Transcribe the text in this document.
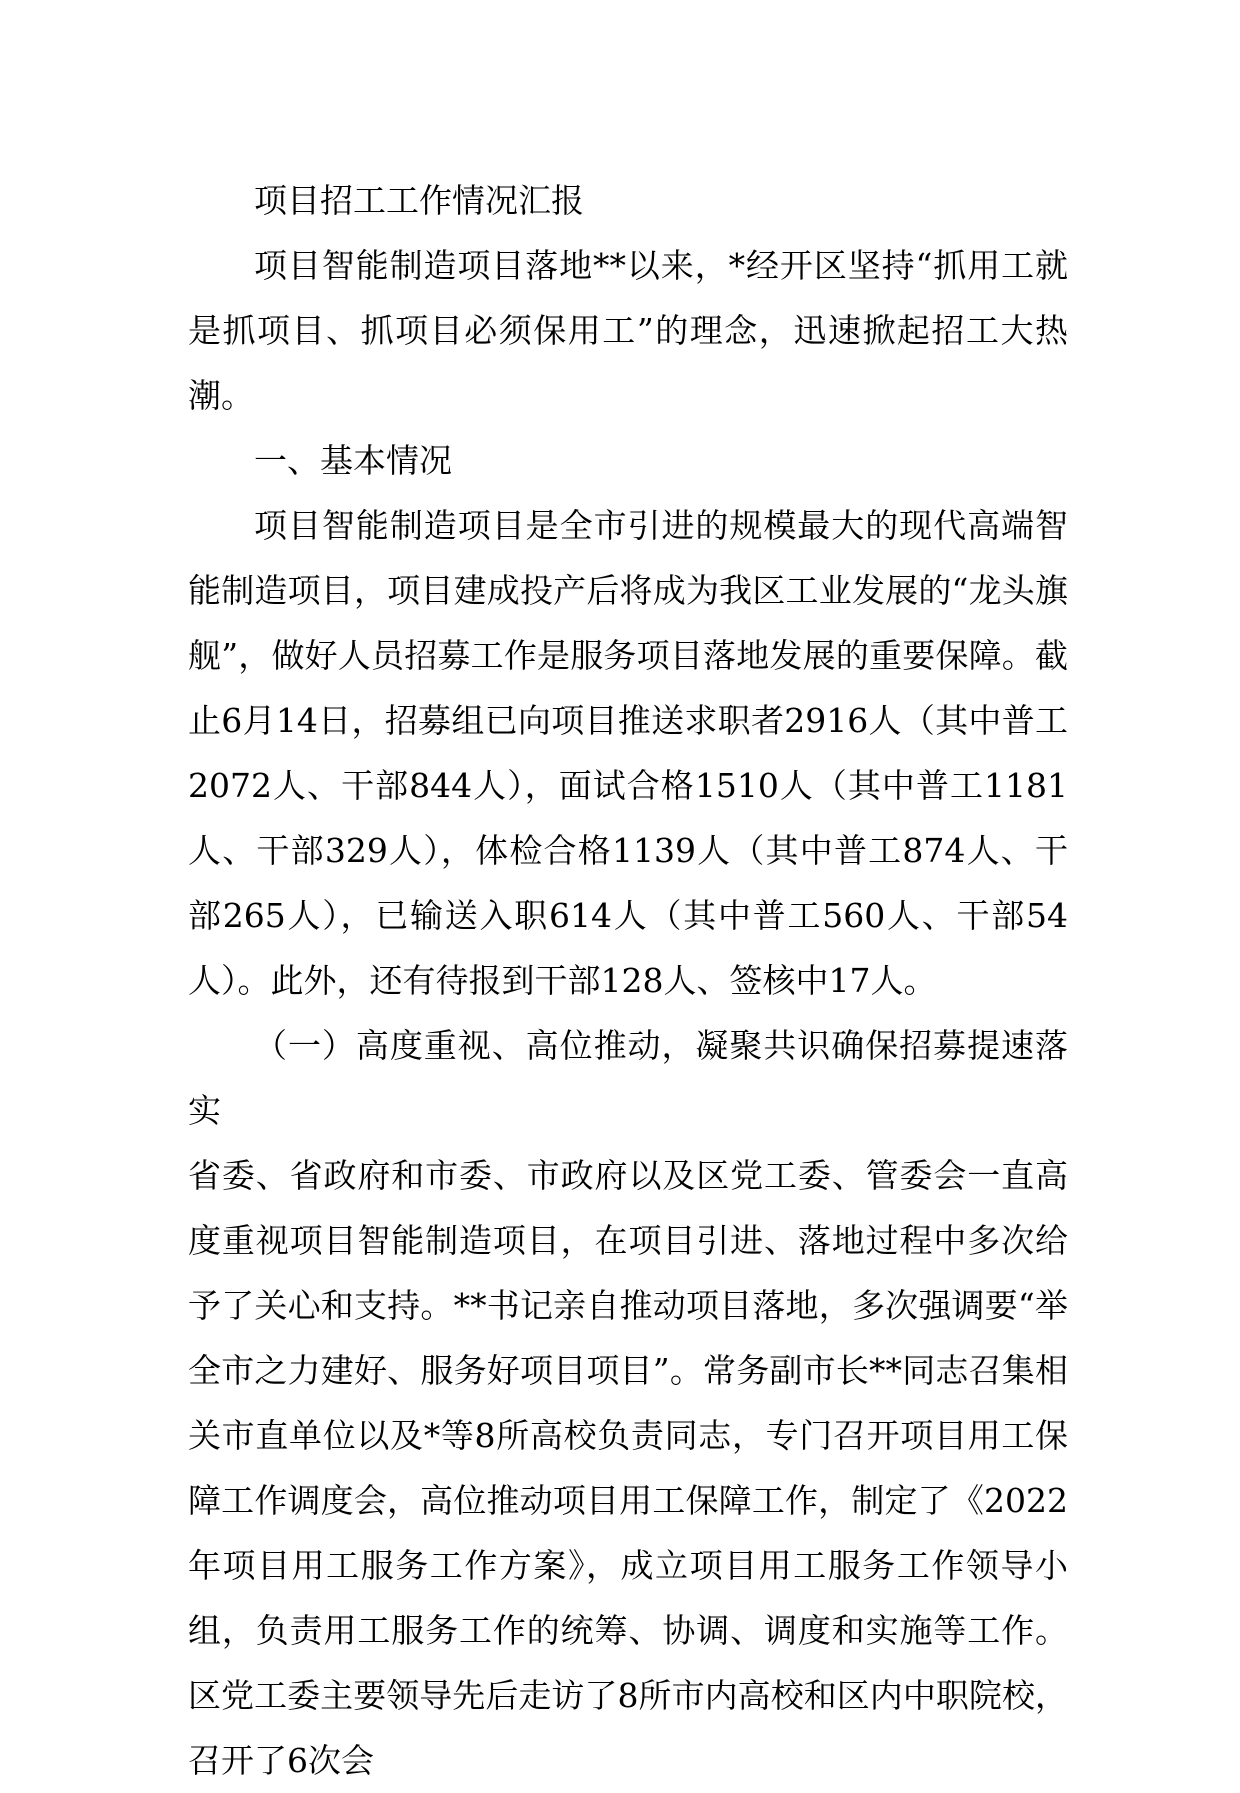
项目招工工作情况汇报

项目智能制造项目落地**以来，*经开区坚持“抓用工就是抓项目、抓项目必须保用工”的理念，迅速掀起招工大热潮。

一、基本情况

项目智能制造项目是全市引进的规模最大的现代高端智能制造项目，项目建成投产后将成为我区工业发展的“龙头旗舰”，做好人员招募工作是服务项目落地发展的重要保障。截止6月14日，招募组已向项目推送求职者2916人（其中普工2072人、干部844人），面试合格1510人（其中普工1181人、干部329人），体检合格1139人（其中普工874人、干部265人），已输送入职614人（其中普工560人、干部54人）。此外，还有待报到干部128人、签核中17人。

（一）高度重视、高位推动，凝聚共识确保招募提速落实

省委、省政府和市委、市政府以及区党工委、管委会一直高度重视项目智能制造项目，在项目引进、落地过程中多次给予了关心和支持。**书记亲自推动项目落地，多次强调要“举全市之力建好、服务好项目项目”。常务副市长**同志召集相关市直单位以及*等8所高校负责同志，专门召开项目用工保障工作调度会，高位推动项目用工保障工作，制定了《2022年项目用工服务工作方案》，成立项目用工服务工作领导小组，负责用工服务工作的统筹、协调、调度和实施等工作。区党工委主要领导先后走访了8所市内高校和区内中职院校，召开了6次会
